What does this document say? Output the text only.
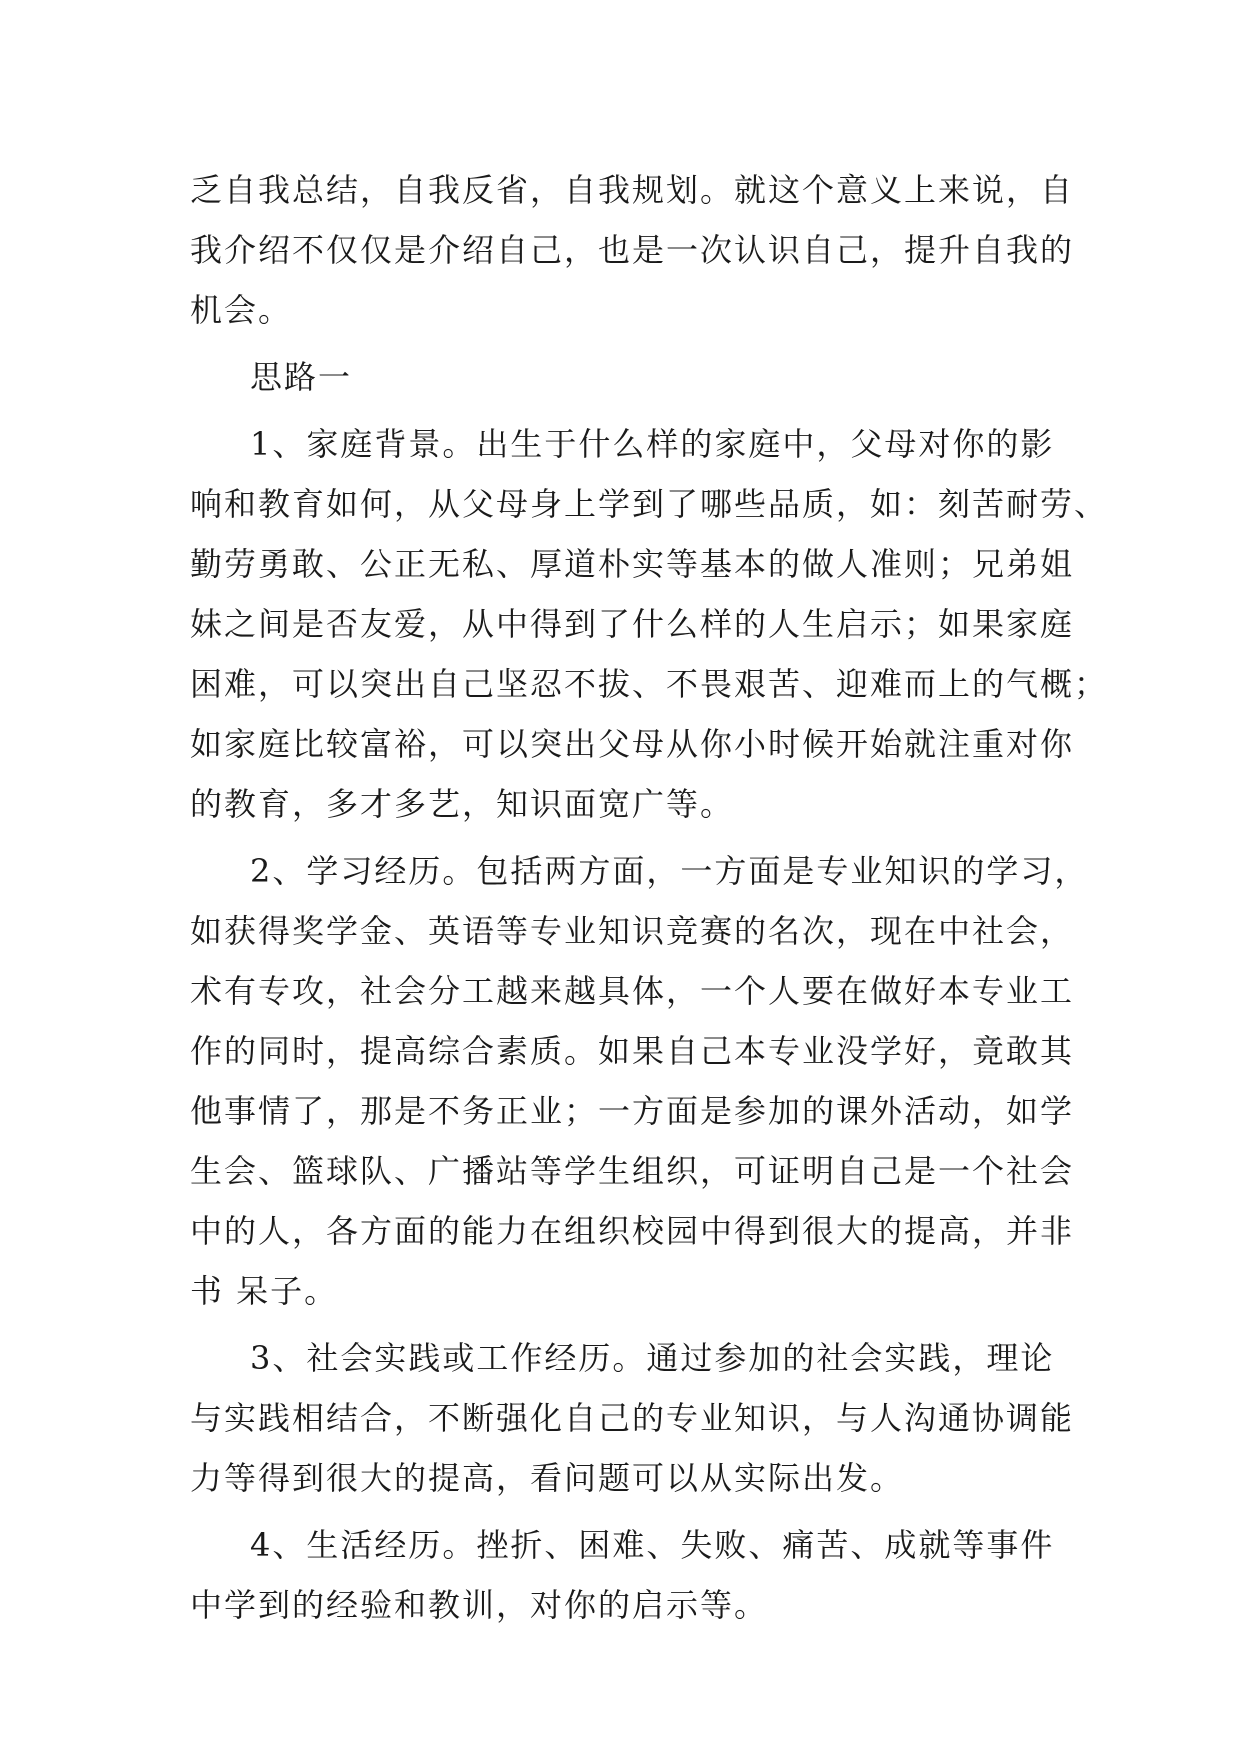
乏自我总结，自我反省，自我规划。就这个意义上来说，自
我介绍不仅仅是介绍自己，也是一次认识自己，提升自我的
机会。
思路一
1、家庭背景。出生于什么样的家庭中，父母对你的影
响和教育如何，从父母身上学到了哪些品质，如：刻苦耐劳、
勤劳勇敢、公正无私、厚道朴实等基本的做人准则；兄弟姐
妹之间是否友爱，从中得到了什么样的人生启示；如果家庭
困难，可以突出自己坚忍不拔、不畏艰苦、迎难而上的气概；
如家庭比较富裕，可以突出父母从你小时候开始就注重对你
的教育，多才多艺，知识面宽广等。
2、学习经历。包括两方面，一方面是专业知识的学习，
如获得奖学金、英语等专业知识竞赛的名次，现在中社会，
术有专攻，社会分工越来越具体，一个人要在做好本专业工
作的同时，提高综合素质。如果自己本专业没学好，竟敢其
他事情了，那是不务正业；一方面是参加的课外活动，如学
生会、篮球队、广播站等学生组织，可证明自己是一个社会
中的人，各方面的能力在组织校园中得到很大的提高，并非
书 呆子。
3、社会实践或工作经历。通过参加的社会实践，理论
与实践相结合，不断强化自己的专业知识，与人沟通协调能
力等得到很大的提高，看问题可以从实际出发。
4、生活经历。挫折、困难、失败、痛苦、成就等事件
中学到的经验和教训，对你的启示等。
